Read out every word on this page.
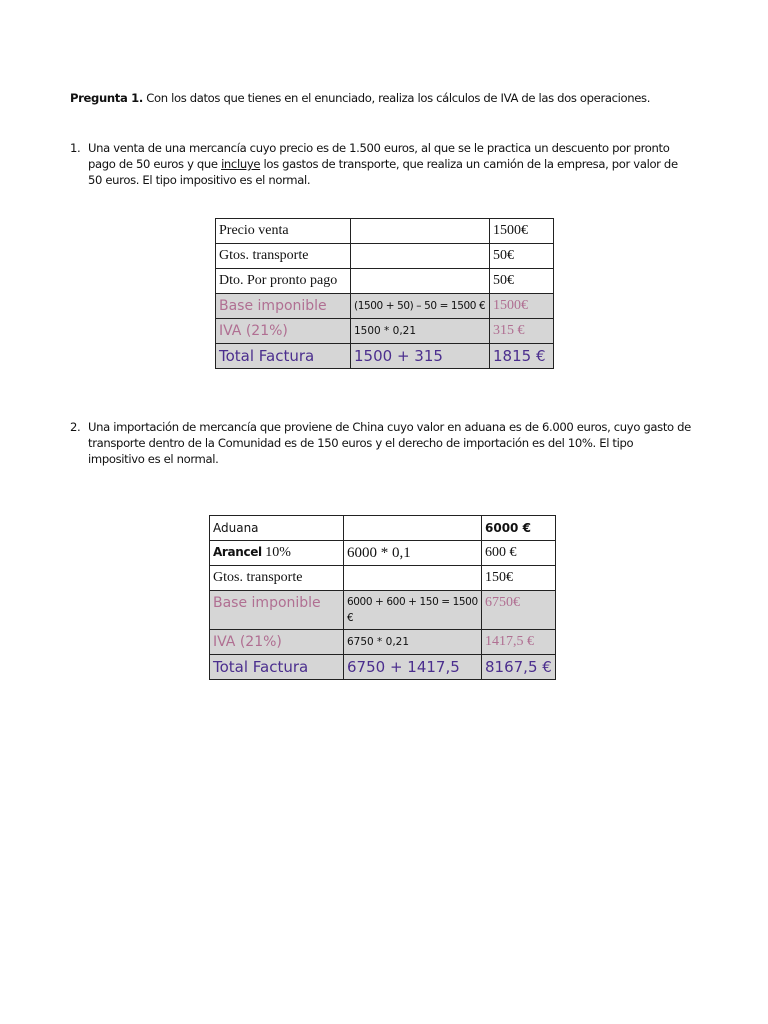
Pregunta 1. Con los datos que tienes en el enunciado, realiza los cálculos de IVA de las dos operaciones.
1. Una venta de una mercancía cuyo precio es de 1.500 euros, al que se le practica un descuento por pronto
pago de 50 euros y que incluye los gastos de transporte, que realiza un camión de la empresa, por valor de
50 euros. El tipo impositivo es el normal.

Precio venta		1500€
Gtos. transporte		50€
Dto. Por pronto pago		50€
Base imponible	(1500 + 50) – 50 = 1500 €	1500€
IVA (21%)	1500 * 0,21	315 €
Total Factura	1500 + 315	1815 €
2. Una importación de mercancía que proviene de China cuyo valor en aduana es de 6.000 euros, cuyo gasto de
transporte dentro de la Comunidad es de 150 euros y el derecho de importación es del 10%. El tipo
impositivo es el normal.

Aduana		6000 €
Arancel 10%	6000 * 0,1	600 €
Gtos. transporte		150€
Base imponible	6000 + 600 + 150 = 1500 €	6750€
IVA (21%)	6750 * 0,21	1417,5 €
Total Factura	6750 + 1417,5	8167,5 €
